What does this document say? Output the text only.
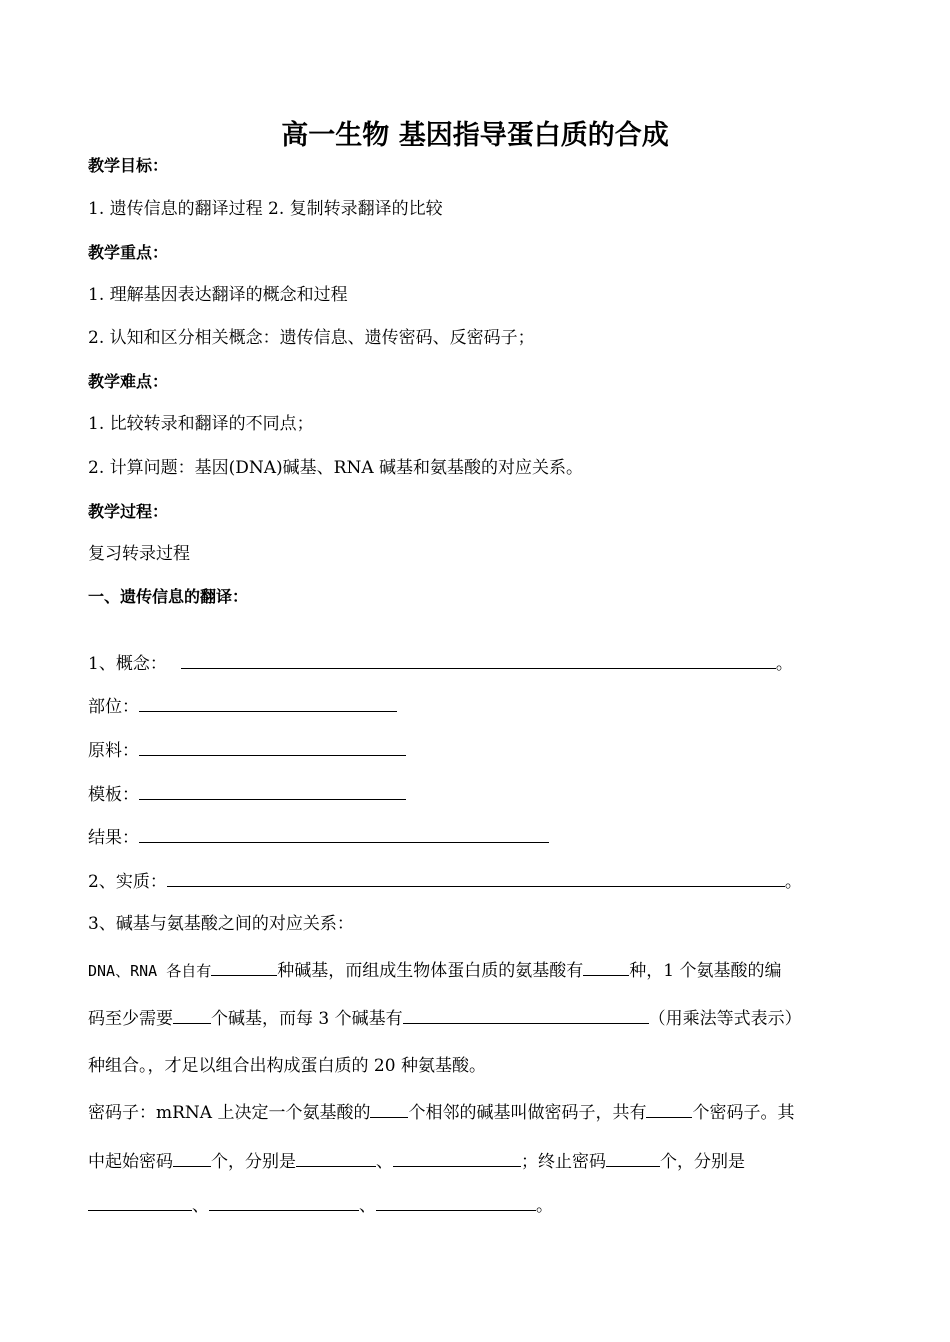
高一生物 基因指导蛋白质的合成
教学目标：
1. 遗传信息的翻译过程 2. 复制转录翻译的比较
教学重点：
1. 理解基因表达翻译的概念和过程
2. 认知和区分相关概念：遗传信息、遗传密码、反密码子；
教学难点：
1. 比较转录和翻译的不同点；
2. 计算问题：基因(DNA)碱基、RNA 碱基和氨基酸的对应关系。
教学过程：
复习转录过程
一、遗传信息的翻译：
1、概念：	。
部位：
原料：
模板：
结果：
2、实质：	。
3、碱基与氨基酸之间的对应关系：
DNA、RNA 各自有	种碱基，而组成生物体蛋白质的氨基酸有	种，1 个氨基酸的编
码至少需要 个碱基，而每 3 个碱基有	（用乘法等式表示）
种组合。，才足以组合出构成蛋白质的 20 种氨基酸。
密码子：mRNA 上决定一个氨基酸的 个相邻的碱基叫做密码子，共有	个密码子。其
中起始密码 个，分别是	、	；终止密码	个，分别是
、	、	。
